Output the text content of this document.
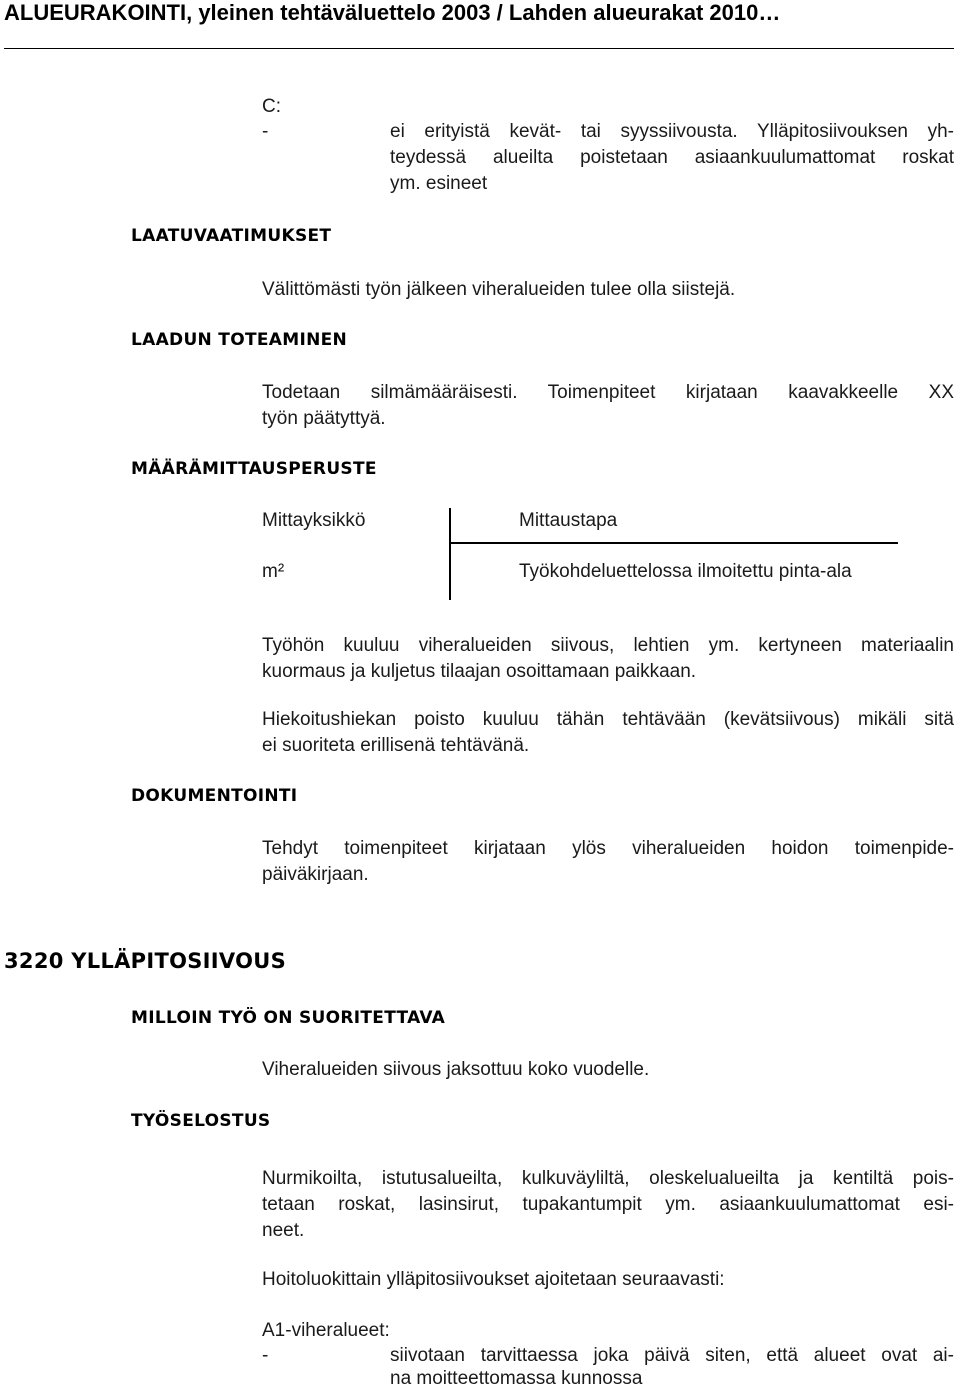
ALUEURAKOINTI, yleinen tehtäväluettelo 2003 / Lahden alueurakat 2010…
C:
-	ei erityistä kevät- tai syyssiivousta. Ylläpitosiivouksen yh-
teydessä alueilta poistetaan asiaankuulumattomat roskat
ym. esineet
LAATUVAATIMUKSET
Välittömästi työn jälkeen viheralueiden tulee olla siistejä.
LAADUN TOTEAMINEN
Todetaan silmämääräisesti. Toimenpiteet kirjataan kaavakkeelle XX
työn päätyttyä.
MÄÄRÄMITTAUSPERUSTE
Mittayksikkö	Mittaustapa
m²	Työkohdeluettelossa ilmoitettu pinta-ala
Työhön kuuluu viheralueiden siivous, lehtien ym. kertyneen materiaalin
kuormaus ja kuljetus tilaajan osoittamaan paikkaan.
Hiekoitushiekan poisto kuuluu tähän tehtävään (kevätsiivous) mikäli sitä
ei suoriteta erillisenä tehtävänä.
DOKUMENTOINTI
Tehdyt toimenpiteet kirjataan ylös viheralueiden hoidon toimenpide-
päiväkirjaan.
3220 YLLÄPITOSIIVOUS
MILLOIN TYÖ ON SUORITETTAVA
Viheralueiden siivous jaksottuu koko vuodelle.
TYÖSELOSTUS
Nurmikoilta, istutusalueilta, kulkuväyliltä, oleskelualueilta ja kentiltä pois-
tetaan roskat, lasinsirut, tupakantumpit ym. asiaankuulumattomat esi-
neet.
Hoitoluokittain ylläpitosiivoukset ajoitetaan seuraavasti:
A1-viheralueet:
-	siivotaan tarvittaessa joka päivä siten, että alueet ovat ai-
na moitteettomassa kunnossa
